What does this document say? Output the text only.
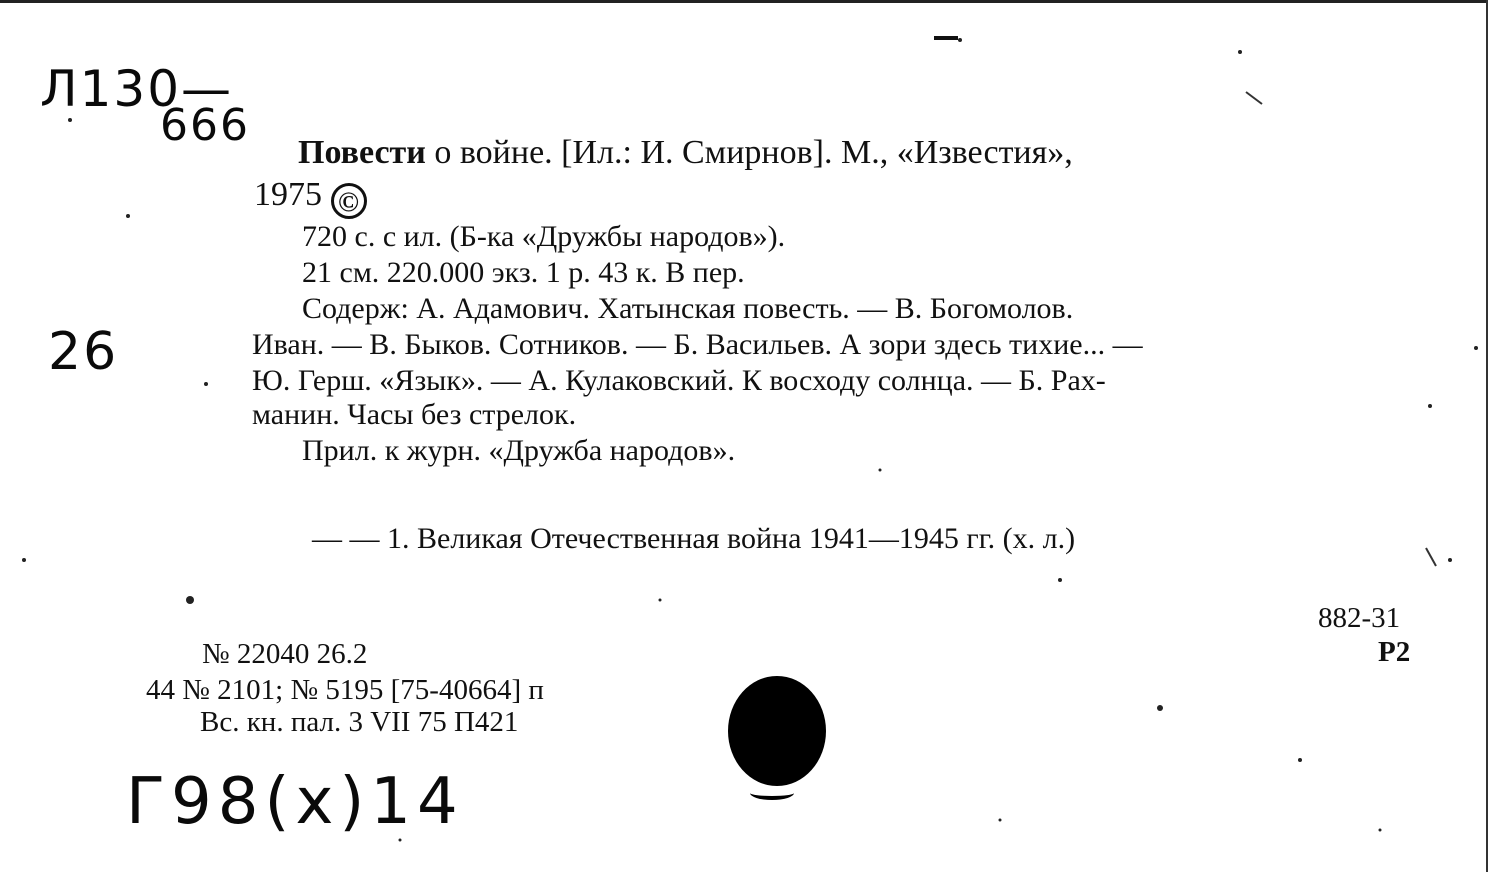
Л130—
666
26
Г98(х)14
Повести о войне. [Ил.: И. Смирнов]. М., «Известия»,
1975 ©
720 с. с ил. (Б-ка «Дружбы народов»).
21 см. 220.000 экз. 1 р. 43 к. В пер.
Содерж: А. Адамович. Хатынская повесть. — В. Богомолов.
Иван. — В. Быков. Сотников. — Б. Васильев. А зори здесь тихие... —
Ю. Герш. «Язык». — А. Кулаковский. К восходу солнца. — Б. Рах-
манин. Часы без стрелок.
Прил. к журн. «Дружба народов».
— — 1. Великая Отечественная война 1941—1945 гг. (х. л.)
882-31
Р2
№ 22040 26.2
44 № 2101; № 5195 [75-40664] п
Вс. кн. пал. 3 VII 75 П421
